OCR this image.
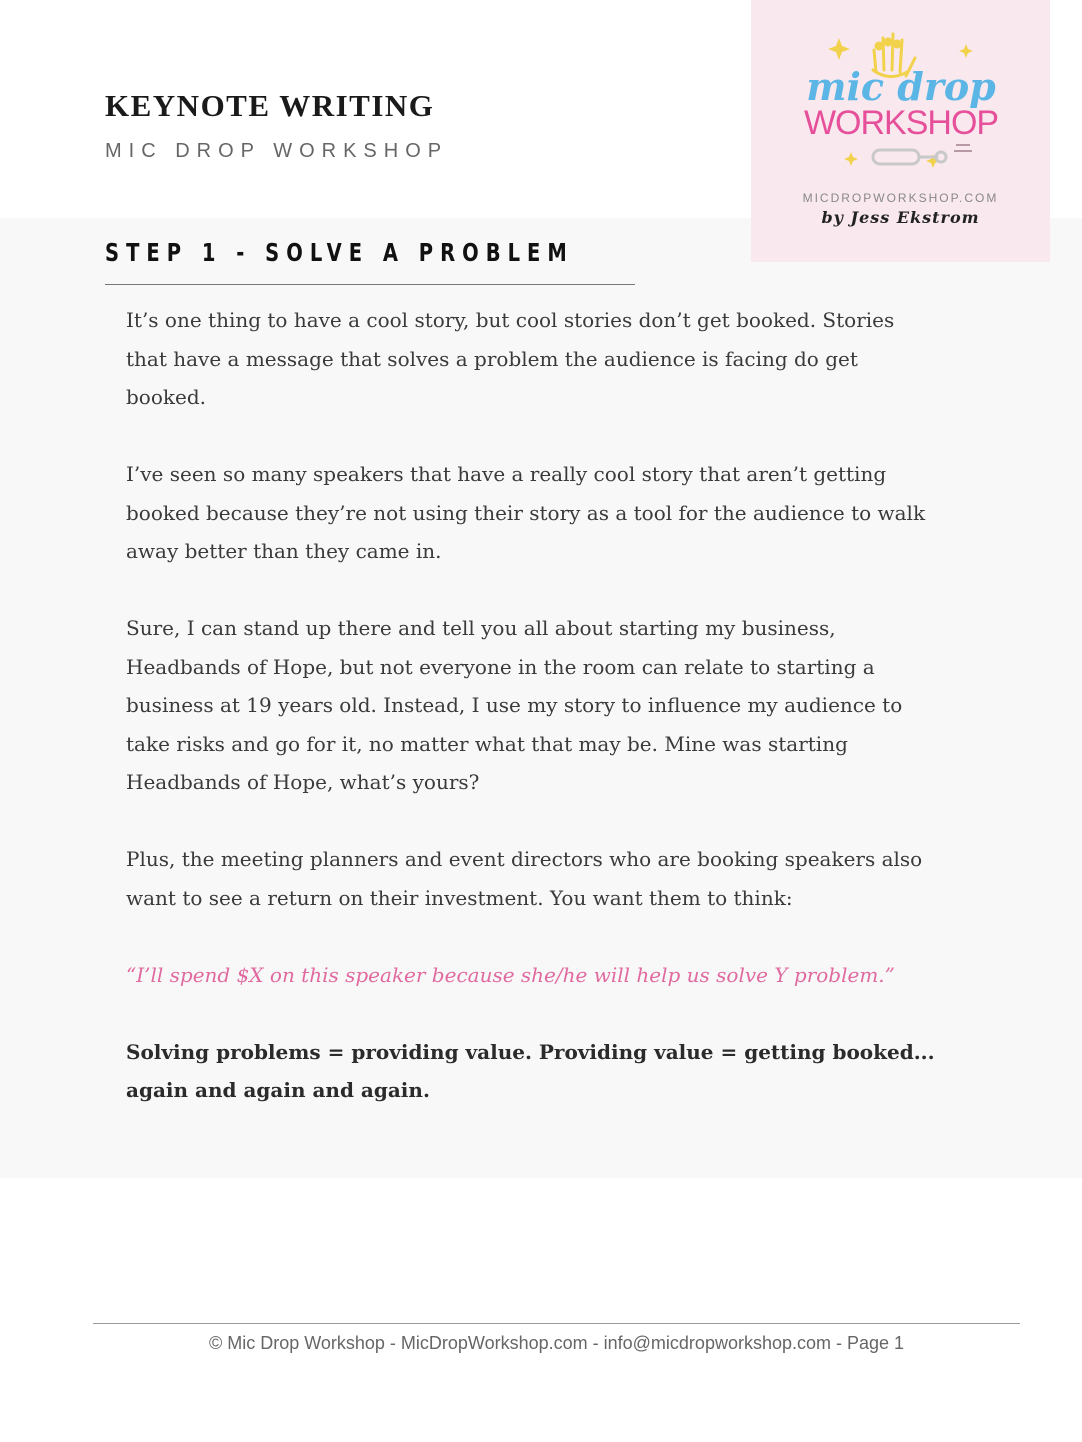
KEYNOTE WRITING
MIC DROP WORKSHOP
mic drop
WORKSHOP
MICDROPWORKSHOP.COM
by Jess Ekstrom
STEP 1 - SOLVE A PROBLEM

It’s one thing to have a cool story, but cool stories don’t get booked. Stories that have a message that solves a problem the audience is facing do get booked.

I’ve seen so many speakers that have a really cool story that aren’t getting booked because they’re not using their story as a tool for the audience to walk away better than they came in.

Sure, I can stand up there and tell you all about starting my business, Headbands of Hope, but not everyone in the room can relate to starting a business at 19 years old. Instead, I use my story to influence my audience to take risks and go for it, no matter what that may be. Mine was starting Headbands of Hope, what’s yours?

Plus, the meeting planners and event directors who are booking speakers also want to see a return on their investment. You want them to think:

“I’ll spend $X on this speaker because she/he will help us solve Y problem.”

Solving problems = providing value. Providing value = getting booked... again and again and again.

© Mic Drop Workshop - MicDropWorkshop.com - info@micdropworkshop.com - Page 1
